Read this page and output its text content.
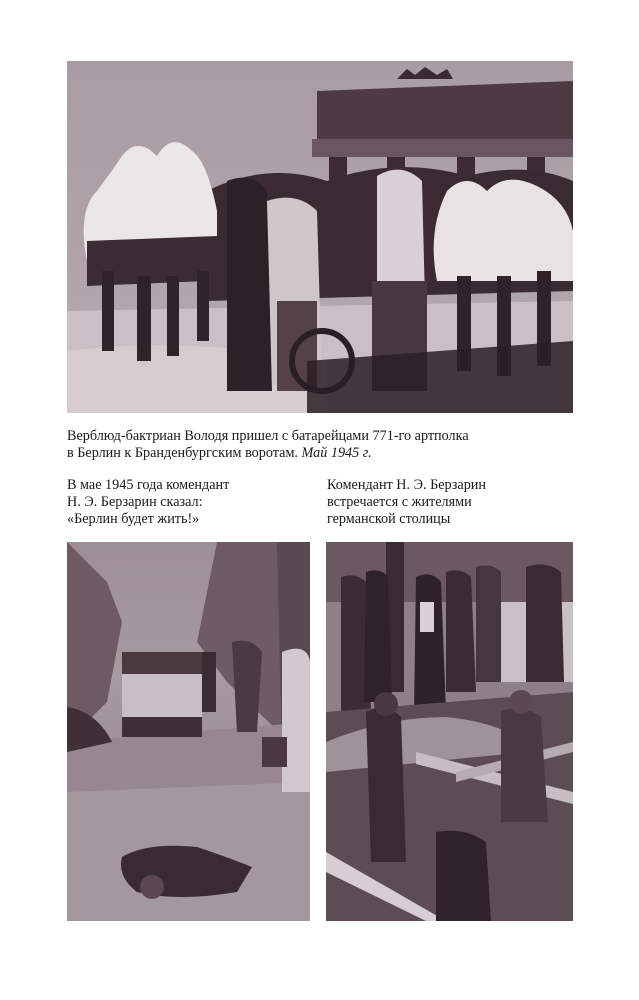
Верблюд-бактриан Володя пришел с батарейцами 771-го артполка
в Берлин к Бранденбургским воротам. Май 1945 г.
В мае 1945 года комендант
Н. Э. Берзарин сказал:
«Берлин будет жить!»
Комендант Н. Э. Берзарин
встречается с жителями
германской столицы
